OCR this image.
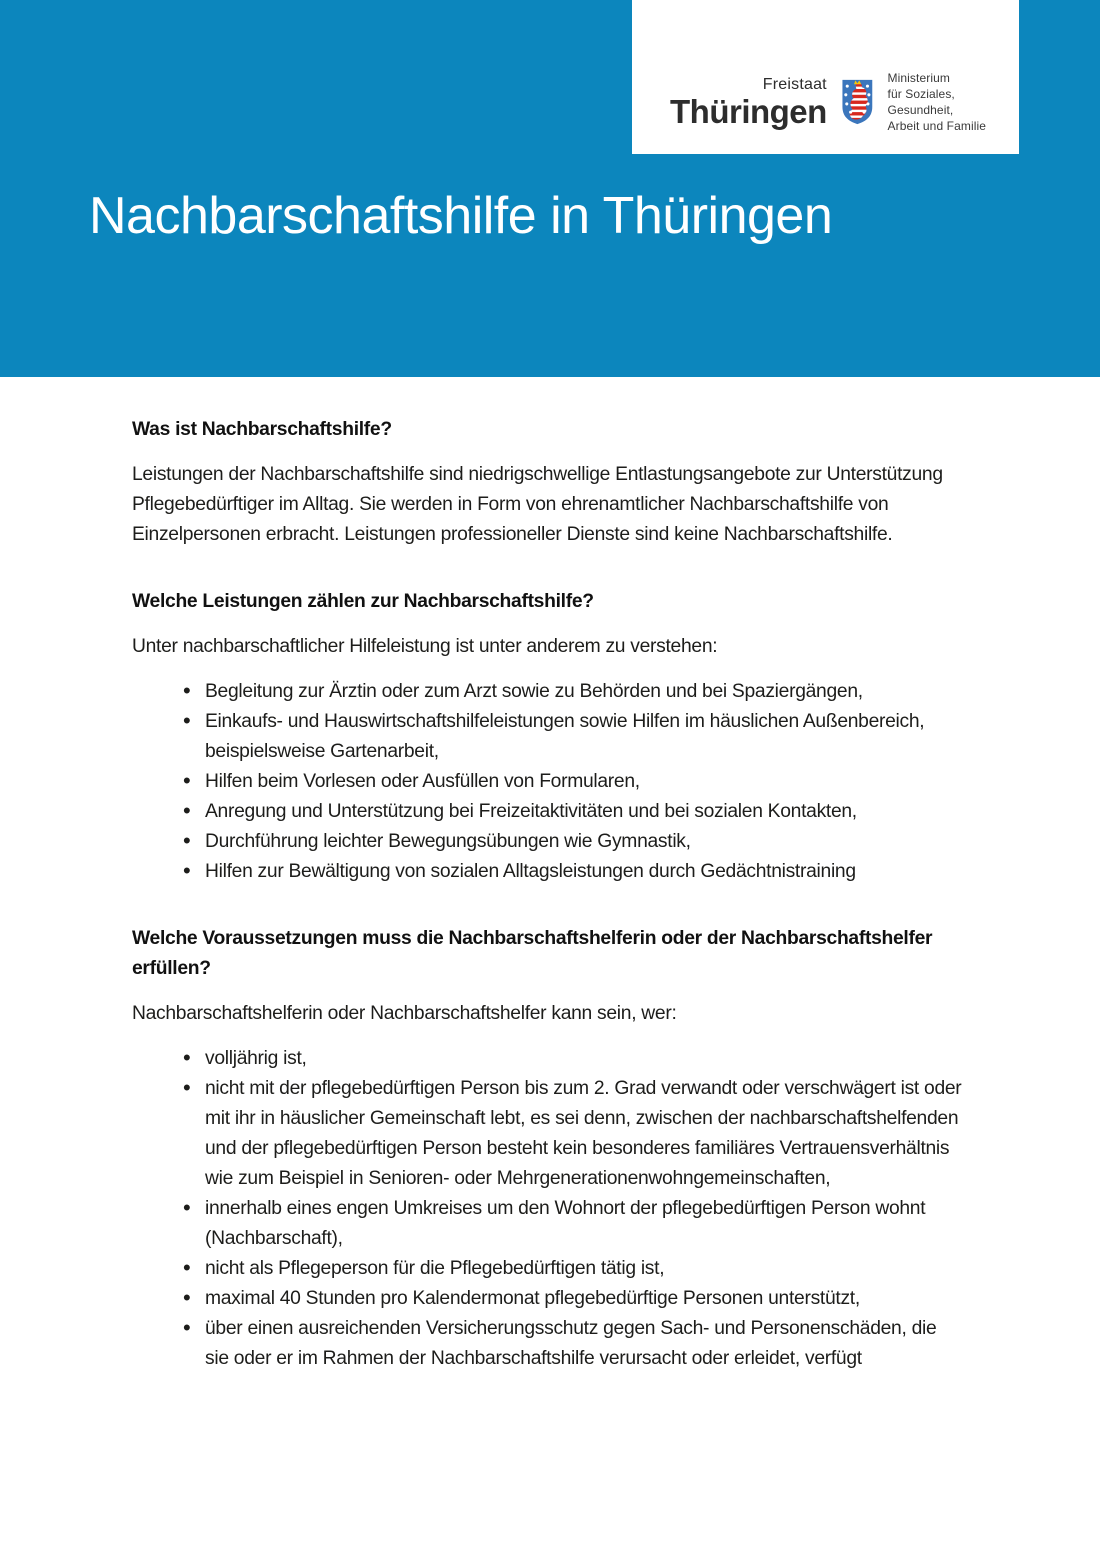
Freistaat
Thüringen
Ministerium
für Soziales, Gesundheit,
Arbeit und Familie
Nachbarschaftshilfe in Thüringen
Was ist Nachbarschaftshilfe?

Leistungen der Nachbarschaftshilfe sind niedrigschwellige Entlastungsangebote zur Unterstützung Pflegebedürftiger im Alltag. Sie werden in Form von ehrenamtlicher Nachbarschaftshilfe von Einzelpersonen erbracht. Leistungen professioneller Dienste sind keine Nachbarschaftshilfe.

Welche Leistungen zählen zur Nachbarschaftshilfe?

Unter nachbarschaftlicher Hilfeleistung ist unter anderem zu verstehen:

• Begleitung zur Ärztin oder zum Arzt sowie zu Behörden und bei Spaziergängen,
• Einkaufs- und Hauswirtschaftshilfeleistungen sowie Hilfen im häuslichen Außenbereich, beispielsweise Gartenarbeit,
• Hilfen beim Vorlesen oder Ausfüllen von Formularen,
• Anregung und Unterstützung bei Freizeitaktivitäten und bei sozialen Kontakten,
• Durchführung leichter Bewegungsübungen wie Gymnastik,
• Hilfen zur Bewältigung von sozialen Alltagsleistungen durch Gedächtnistraining
Welche Voraussetzungen muss die Nachbarschaftshelferin oder der Nachbarschaftshelfer erfüllen?

Nachbarschaftshelferin oder Nachbarschaftshelfer kann sein, wer:

• volljährig ist,
• nicht mit der pflegebedürftigen Person bis zum 2. Grad verwandt oder verschwägert ist oder mit ihr in häuslicher Gemeinschaft lebt, es sei denn, zwischen der nachbarschaftshelfenden und der pflegebedürftigen Person besteht kein besonderes familiäres Vertrauensverhältnis wie zum Beispiel in Senioren- oder Mehrgenerationenwohngemeinschaften,
• innerhalb eines engen Umkreises um den Wohnort der pflegebedürftigen Person wohnt (Nachbarschaft),
• nicht als Pflegeperson für die Pflegebedürftigen tätig ist,
• maximal 40 Stunden pro Kalendermonat pflegebedürftige Personen unterstützt,
• über einen ausreichenden Versicherungsschutz gegen Sach- und Personenschäden, die sie oder er im Rahmen der Nachbarschaftshilfe verursacht oder erleidet, verfügt
